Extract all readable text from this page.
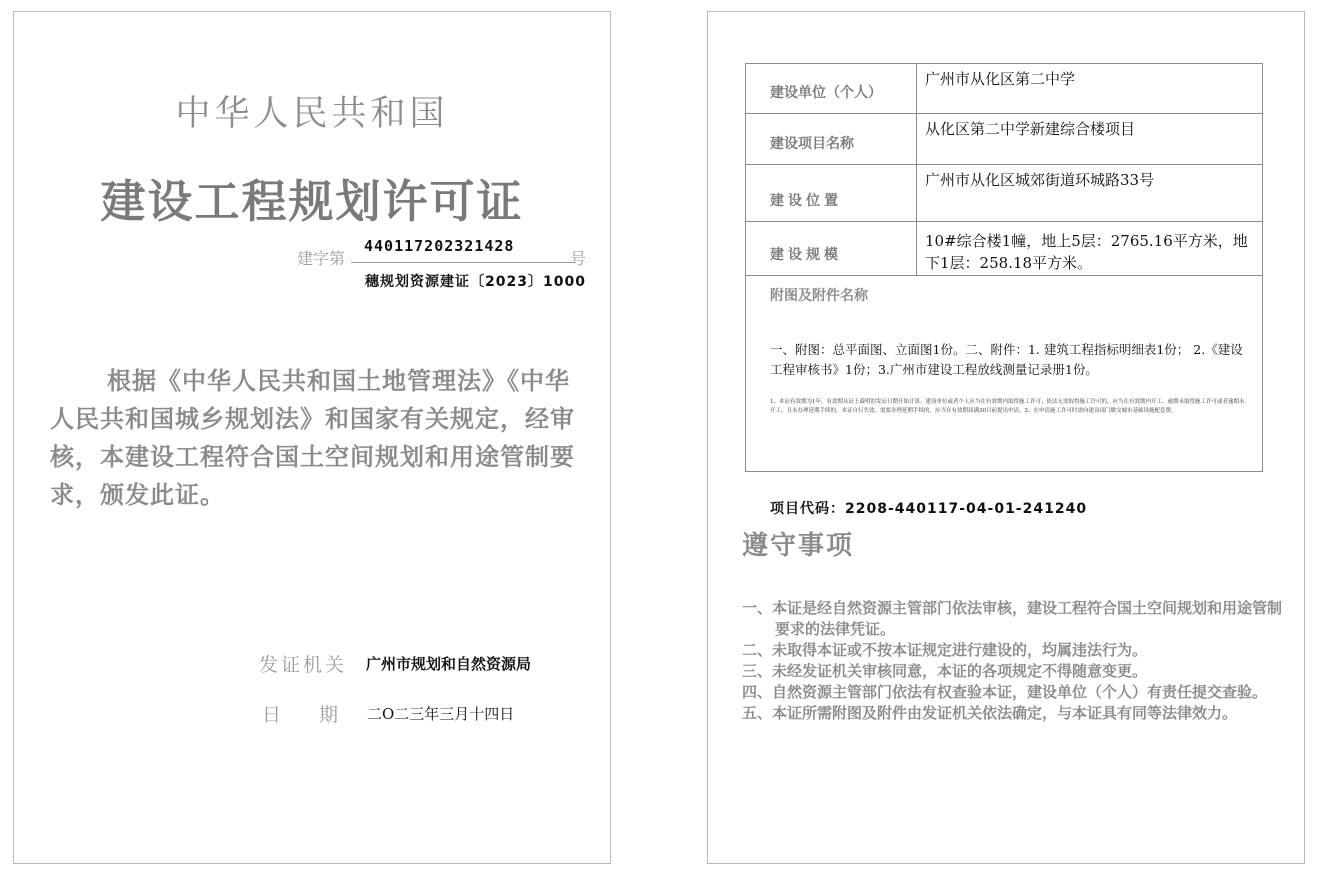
中华人民共和国
建设工程规划许可证
建字第
440117202321428
号
穗规划资源建证〔2023〕1000
根据《中华人民共和国土地管理法》《中华人民共和国城乡规划法》和国家有关规定，经审核，本建设工程符合国土空间规划和用途管制要求，颁发此证。
发证机关 广州市规划和自然资源局
日期
二O二三年三月十四日
建设单位（个人）
广州市从化区第二中学
建设项目名称
从化区第二中学新建综合楼项目
建设位置
广州市从化区城郊街道环城路33号
建设规模
10#综合楼1幢，地上5层：2765.16平方米，地下1层：258.18平方米。
附图及附件名称
一、附图：总平面图、立面图1份。二、附件：1. 建筑工程指标明细表1份； 2.《建设工程审核书》1份；3.广州市建设工程放线测量记录册1份。
1、本证有效期为1年，有效期从证上载明的发证日期开始计算。建设单位或者个人应当在有效期内取得施工许可；依法无需取得施工许可的，应当在有效期内开工。逾期未取得施工许可或者逾期未开工，且未办理延期手续的，本证自行失效。需要办理延期手续的，应当在有效期届满30日前提出申请。2、在申请施工许可时需向建设部门缴交城市基础设施配套费。
项目代码：2208-440117-04-01-241240
遵守事项
一、本证是经自然资源主管部门依法审核，建设工程符合国土空间规划和用途管制要求的法律凭证。
二、未取得本证或不按本证规定进行建设的，均属违法行为。
三、未经发证机关审核同意，本证的各项规定不得随意变更。
四、自然资源主管部门依法有权查验本证，建设单位（个人）有责任提交查验。
五、本证所需附图及附件由发证机关依法确定，与本证具有同等法律效力。
